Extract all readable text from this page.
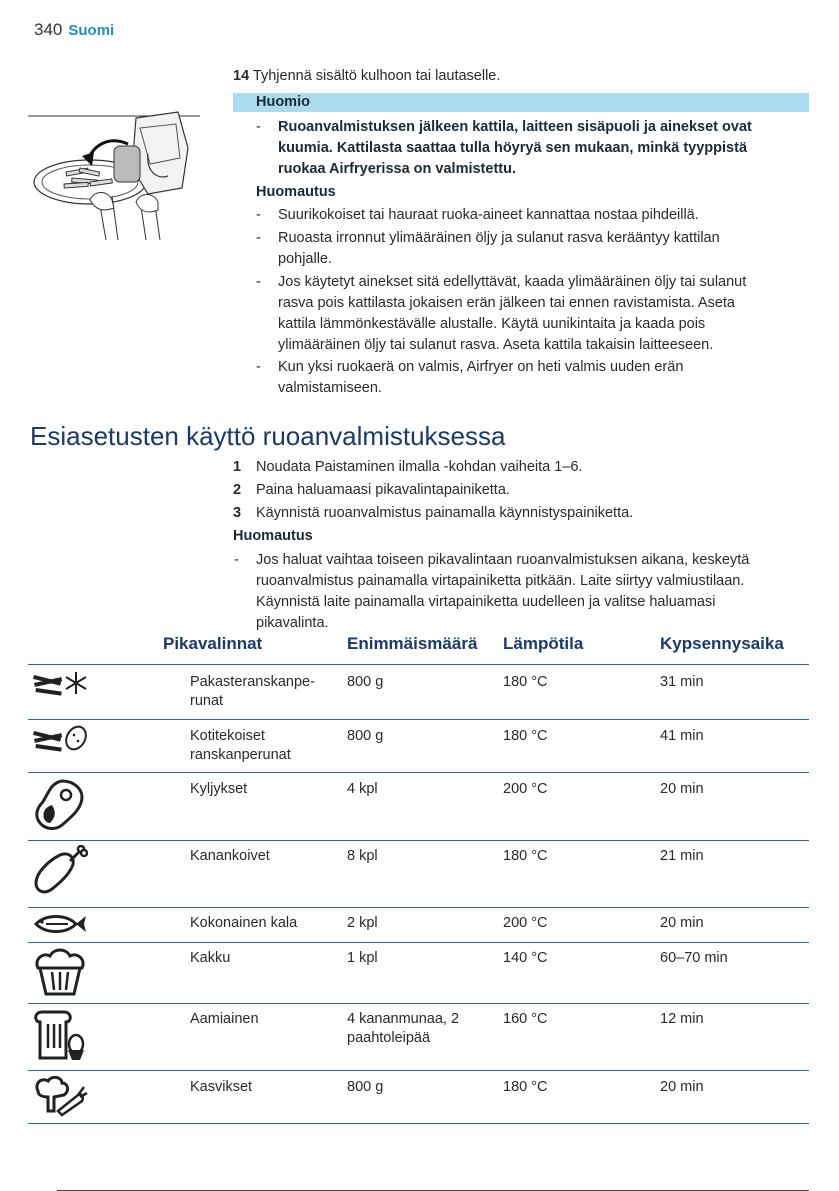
340 Suomi
14 Tyhjennä sisältö kulhoon tai lautaselle.
Huomio
- Ruoanvalmistuksen jälkeen kattila, laitteen sisäpuoli ja ainekset ovat
kuumia. Kattilasta saattaa tulla höyryä sen mukaan, minkä tyyppistä
ruokaa Airfryerissa on valmistettu.
Huomautus
- Suurikokoiset tai hauraat ruoka-aineet kannattaa nostaa pihdeillä.
- Ruoasta irronnut ylimääräinen öljy ja sulanut rasva kerääntyy kattilan
pohjalle.
- Jos käytetyt ainekset sitä edellyttävät, kaada ylimääräinen öljy tai sulanut
rasva pois kattilasta jokaisen erän jälkeen tai ennen ravistamista. Aseta
kattila lämmönkestävälle alustalle. Käytä uunikintaita ja kaada pois
ylimääräinen öljy tai sulanut rasva. Aseta kattila takaisin laitteeseen.
- Kun yksi ruokaerä on valmis, Airfryer on heti valmis uuden erän
valmistamiseen.
Esiasetusten käyttö ruoanvalmistuksessa
1 Noudata Paistaminen ilmalla -kohdan vaiheita 1–6.
2 Paina haluamaasi pikavalintapainiketta.
3 Käynnistä ruoanvalmistus painamalla käynnistyspainiketta.
Huomautus
- Jos haluat vaihtaa toiseen pikavalintaan ruoanvalmistuksen aikana, keskeytä
ruoanvalmistus painamalla virtapainiketta pitkään. Laite siirtyy valmiustilaan.
Käynnistä laite painamalla virtapainiketta uudelleen ja valitse haluamasi
pikavalinta.
Pikavalinnat	Enimmäismäärä Lämpötila	Kypsennysaika
Pakasteranskanpe-
runat
800 g	180 °C	31 min
Kotitekoiset
ranskanperunat
800 g	180 °C	41 min
Kyljykset	4 kpl	200 °C	20 min
Kanankoivet	8 kpl	180 °C	21 min
Kokonainen kala	2 kpl	200 °C	20 min
Kakku	1 kpl	140 °C	60–70 min
Aamiainen	4 kananmunaa, 2
paahtoleipää
160 °C	12 min
Kasvikset	800 g	180 °C	20 min
